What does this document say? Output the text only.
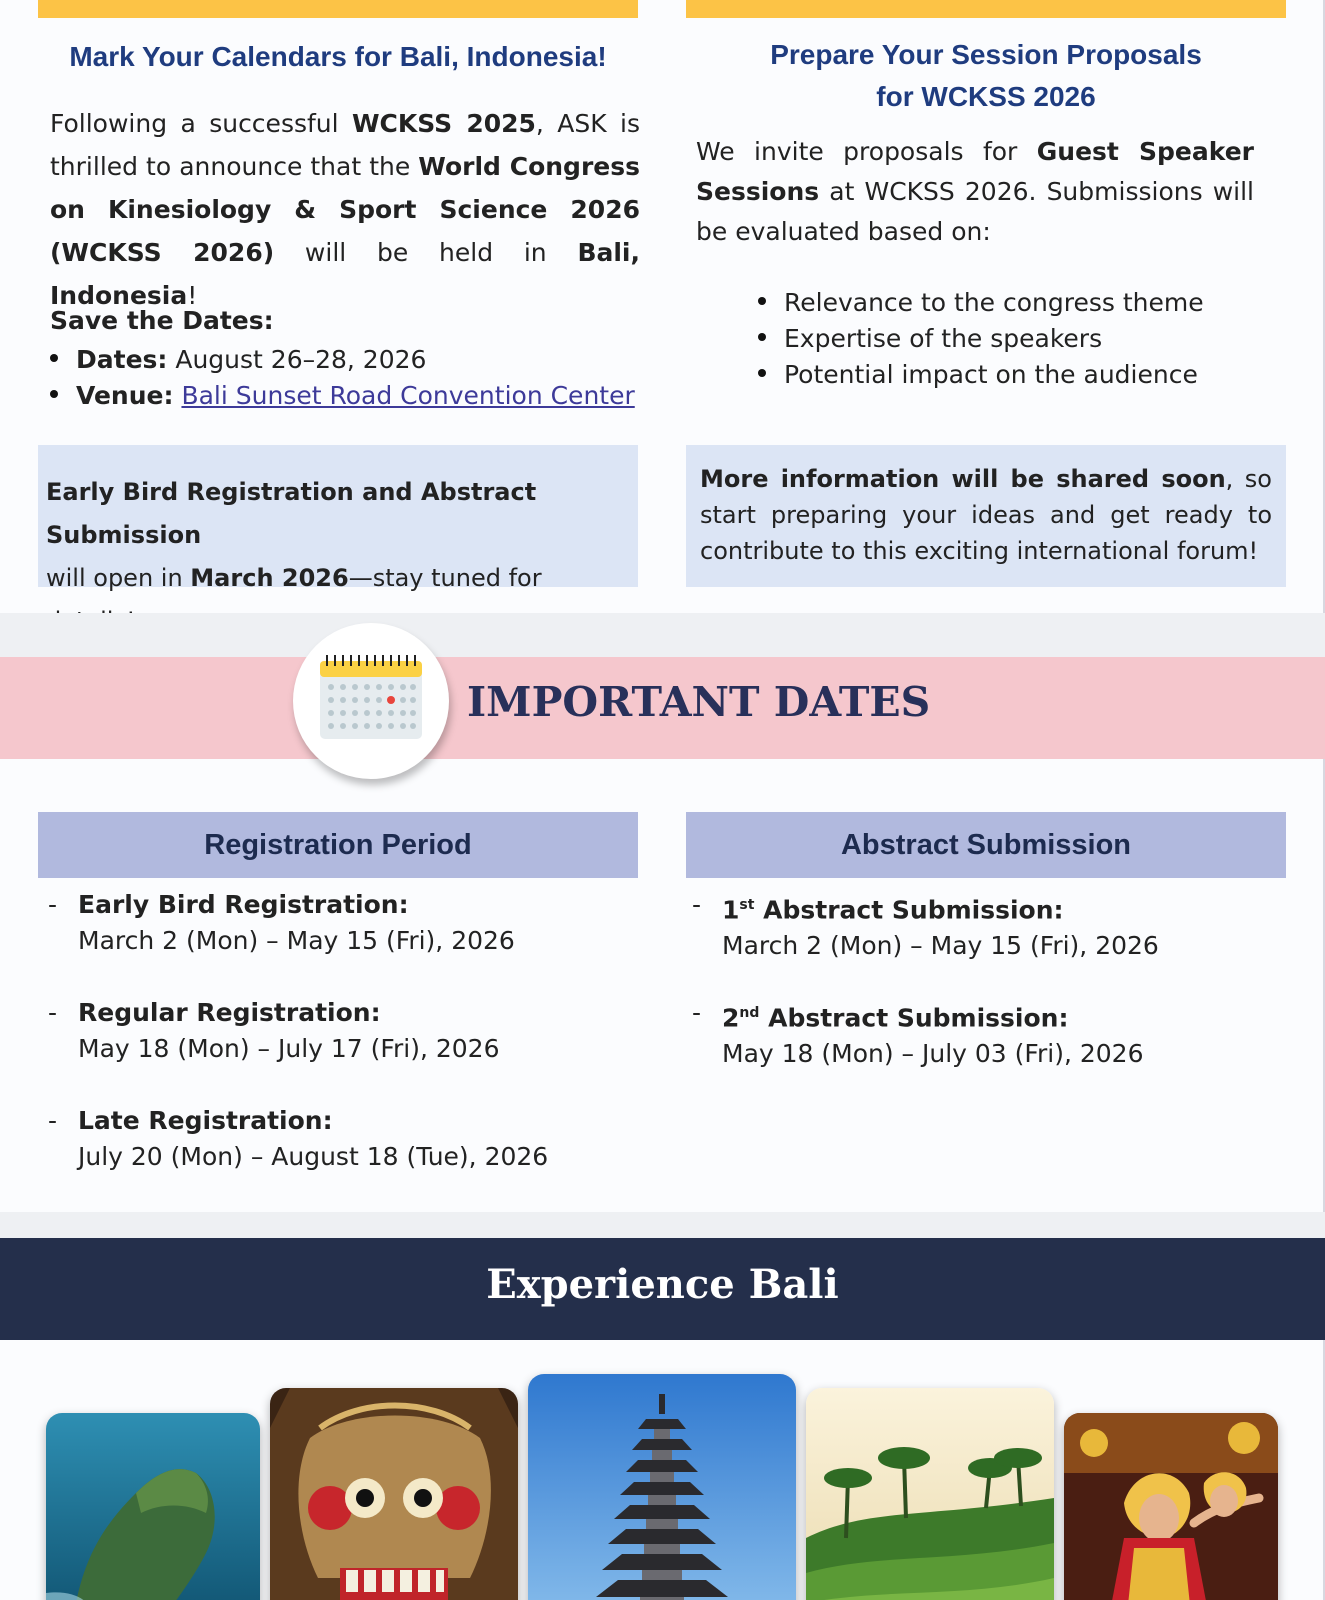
Mark Your Calendars for Bali, Indonesia!
Following a successful WCKSS 2025, ASK is thrilled to announce that the World Congress on Kinesiology & Sport Science 2026 (WCKSS 2026) will be held in Bali, Indonesia!
Save the Dates:
Dates: August 26–28, 2026
Venue: Bali Sunset Road Convention Center
Early Bird Registration and Abstract Submission
will open in March 2026—stay tuned for
Prepare Your Session Proposals
for WCKSS 2026
We invite proposals for Guest Speaker Sessions at WCKSS 2026. Submissions will be evaluated based on:
Relevance to the congress theme
Expertise of the speakers
Potential impact on the audience
More information will be shared soon, so start preparing your ideas and get ready to contribute to this exciting international forum!
IMPORTANT DATES
Registration Period
- Early Bird Registration:
March 2 (Mon) – May 15 (Fri), 2026
- Regular Registration:
May 18 (Mon) – July 17 (Fri), 2026
- Late Registration:
July 20 (Mon) – August 18 (Tue), 2026
Abstract Submission
- 1st Abstract Submission:
March 2 (Mon) – May 15 (Fri), 2026
- 2nd Abstract Submission:
May 18 (Mon) – July 03 (Fri), 2026
Experience Bali
